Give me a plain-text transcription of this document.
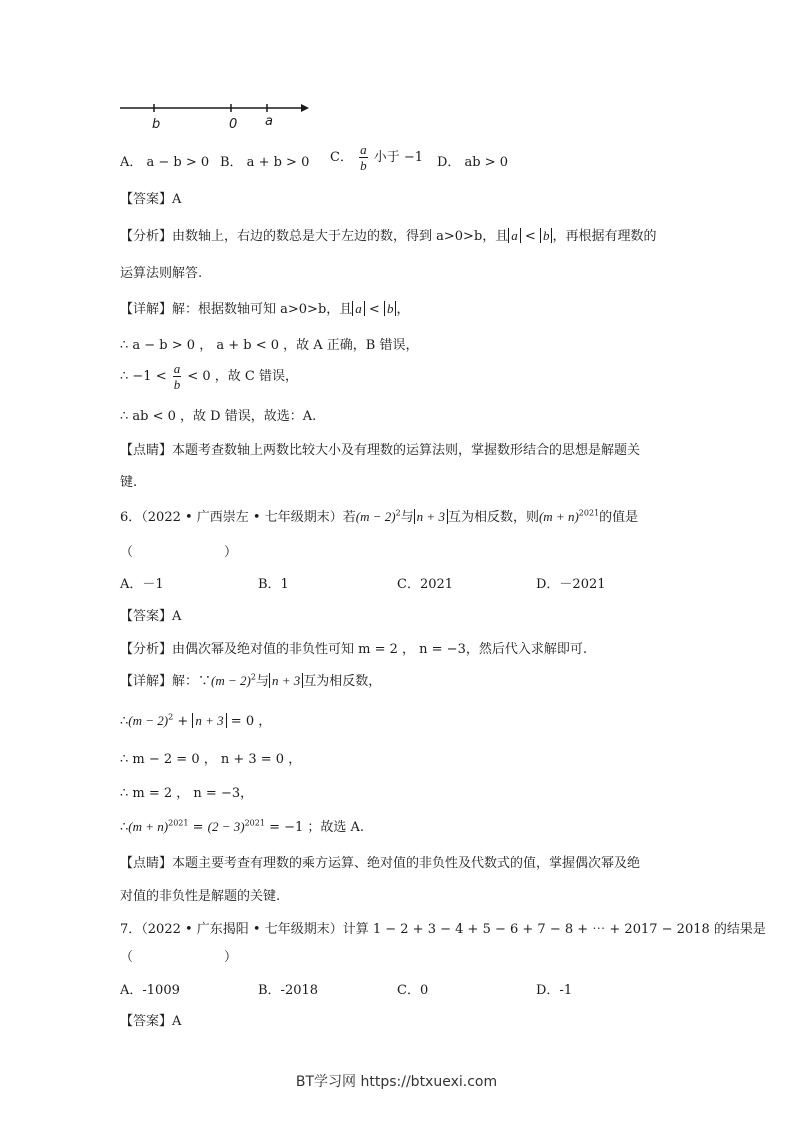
b	0 a
A． a − b > 0 B． a + b > 0 C． $\frac{a}{b}$ 小于 −1 D． ab > 0
【答案】A
【分析】由数轴上，右边的数总是大于左边的数，得到 a>0>b，且 a < b ，再根据有理数的
运算法则解答.
【详解】解：根据数轴可知 a>0>b，且 a < b ，
∴ a − b > 0 ， a + b < 0 ，故 A 正确，B 错误，
∴ $-1 < \frac{a}{b} < 0$ ，故 C 错误，
∴ ab < 0 ，故 D 错误，故选：A.
【点睛】本题考查数轴上两数比较大小及有理数的运算法则，掌握数形结合的思想是解题关
键.
6．（2022 • 广西崇左 • 七年级期末）若$(m - 2)^2$与 n + 3 互为相反数，则$(m + n)^{2021}$的值是
（　　　　　　　）
A．－1	B．1	C．2021	D．－2021
【答案】A
【分析】由偶次幂及绝对值的非负性可知 m = 2 ， n = −3，然后代入求解即可.
【详解】解：∵(m − 2)$^2$与 n + 3 互为相反数，
∴(m − 2)$^2$ + n + 3 = 0 ，
∴ m − 2 = 0 ， n + 3 = 0 ，
∴ m = 2 ， n = −3，
∴(m + $n)^{2021} = (2 - 3)^{2021} = -1$ ；故选 A.
【点睛】本题主要考查有理数的乘方运算、绝对值的非负性及代数式的值，掌握偶次幂及绝
对值的非负性是解题的关键.
7．（2022 • 广东揭阳 • 七年级期末）计算 1 − 2 + 3 − 4 + 5 − 6 + 7 − 8 + ⋯ + 2017 − 2018 的结果是
（　　　　　　　）
A．-1009	B．-2018	C．0	D．-1
【答案】A
BT学习网 https://btxuexi.com
